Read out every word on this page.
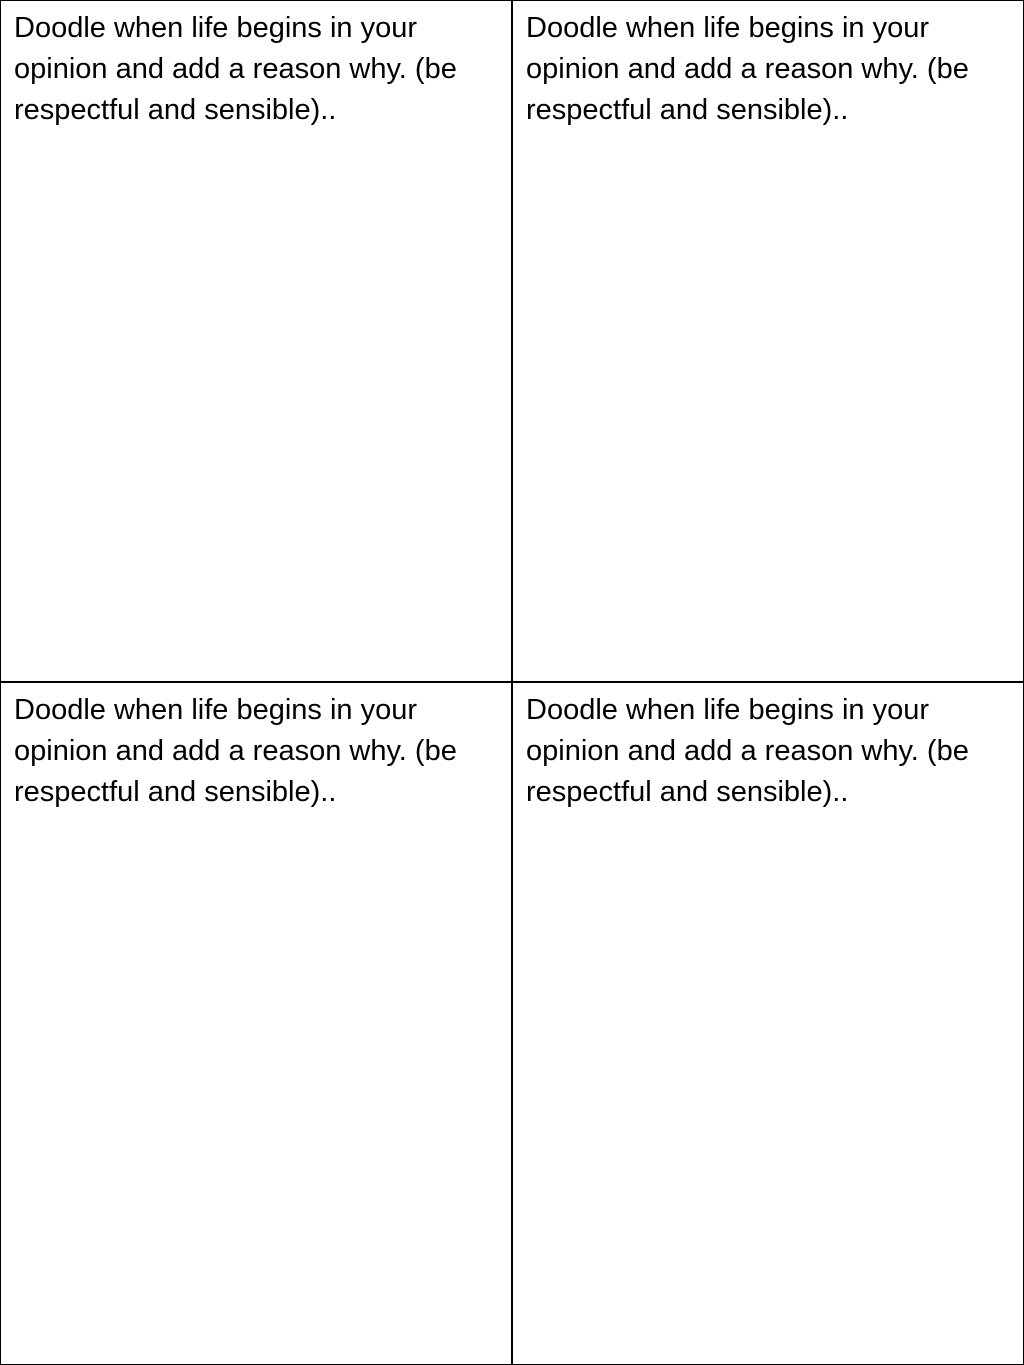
Doodle when life begins in your opinion and add a reason why. (be respectful and sensible)..

Doodle when life begins in your opinion and add a reason why. (be respectful and sensible)..

Doodle when life begins in your opinion and add a reason why. (be respectful and sensible)..

Doodle when life begins in your opinion and add a reason why. (be respectful and sensible)..
